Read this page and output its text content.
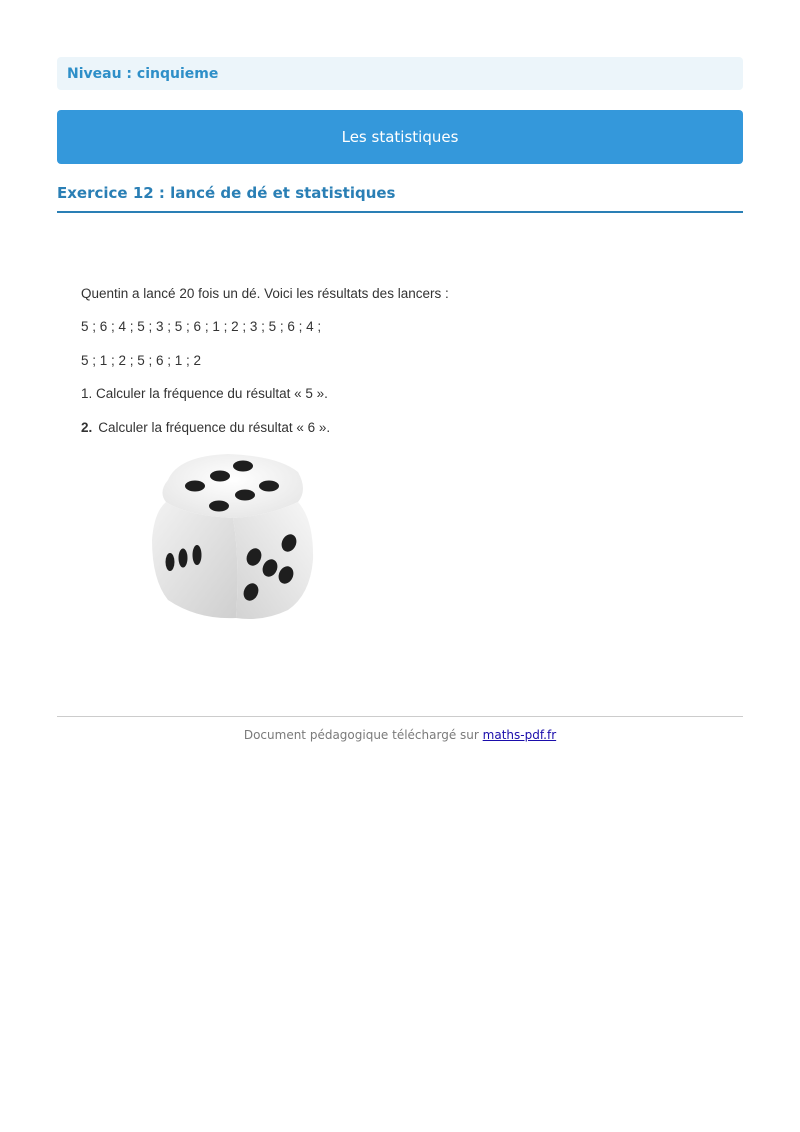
Niveau : cinquieme
Les statistiques
Exercice 12 : lancé de dé et statistiques

Quentin a lancé 20 fois un dé. Voici les résultats des lancers :

5 ; 6 ; 4 ; 5 ; 3 ; 5 ; 6 ; 1 ; 2 ; 3 ; 5 ; 6 ; 4 ;

5 ; 1 ; 2 ; 5 ; 6 ; 1 ; 2

1. Calculer la fréquence du résultat « 5 ».

2. Calculer la fréquence du résultat « 6 ».

Document pédagogique téléchargé sur maths-pdf.fr
